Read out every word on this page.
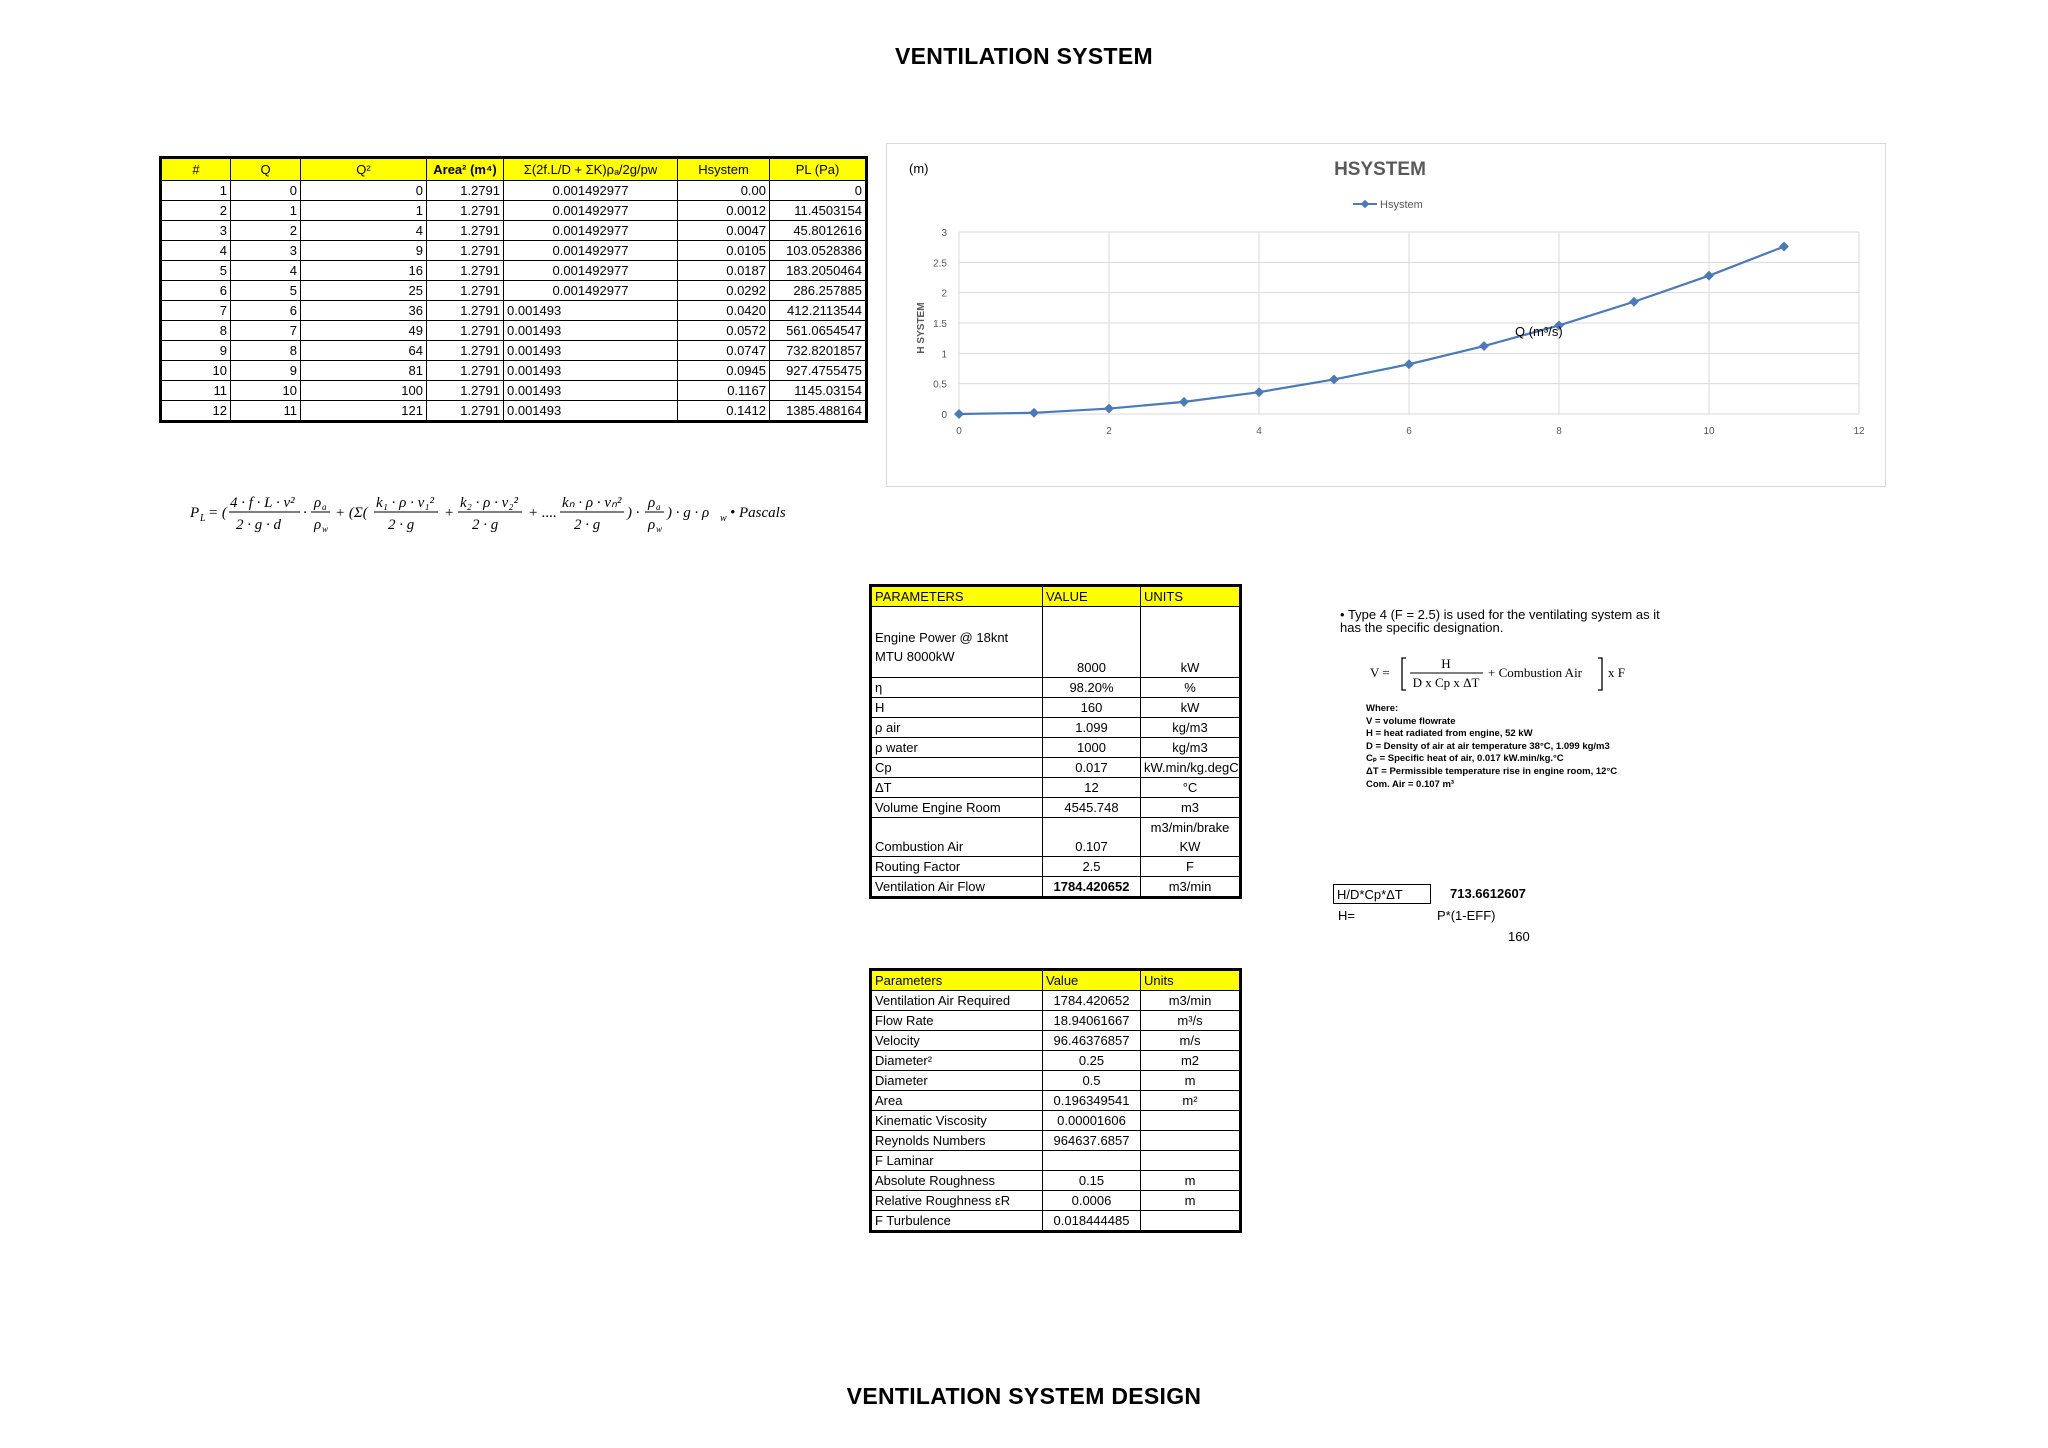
VENTILATION SYSTEM
#	Q	Q²	Area² (m⁴)	Σ(2f.L/D + ΣK)ρₐ/2g/pw	Hsystem	PL (Pa)
1	0	0	1.2791	0.001492977	0.00	0
2	1	1	1.2791	0.001492977	0.0012	11.4503154
3	2	4	1.2791	0.001492977	0.0047	45.8012616
4	3	9	1.2791	0.001492977	0.0105	103.0528386
5	4	16	1.2791	0.001492977	0.0187	183.2050464
6	5	25	1.2791	0.001492977	0.0292	286.257885
7	6	36	1.2791	0.001493	0.0420	412.2113544
8	7	49	1.2791	0.001493	0.0572	561.0654547
9	8	64	1.2791	0.001493	0.0747	732.8201857
10	9	81	1.2791	0.001493	0.0945	927.4755475
11	10	100	1.2791	0.001493	0.1167	1145.03154
12	11	121	1.2791	0.001493	0.1412	1385.488164
HSYSTEM
(m)
Hsystem
H SYSTEM
0
0.5
1
1.5
2
2.5
3
0	2	4	6	8	10	12
Q (m³/s)
P L = (
4 · f · L · v²
2 · g · d
·
ρ a
ρ w
+ (Σ(
k₁ · ρ · v₁²
2 · g
+
k₂ · ρ · v₂²
2 · g
+ ....
kₙ · ρ · vₙ²
2 · g
) ·
ρ a
ρ w
) · g · ρ w • Pascals
P_L = (4·f·L·v²/2·g·d · ρa/ρw + (Σ(k1·ρ·v1²/2·g + k2·ρ·v2²/2·g + .... kn·ρ·vn²/2·g)·ρa/ρw)·g·ρw • Pascals
PARAMETERS	VALUE	UNITS

Engine Power @ 18knt
MTU 8000kW	8000	kW
η	98.20%	%
H	160	kW
ρ air	1.099	kg/m3
ρ water	1000	kg/m3
Cp	0.017	kW.min/kg.degC
ΔT	12	°C
Volume Engine Room	4545.748	m3
Combustion Air	0.107	m3/min/brake
KW

Routing Factor	2.5	F
Ventilation Air Flow	1784.420652	m3/min
Parameters	Value	Units
Ventilation Air Required	1784.420652	m3/min
Flow Rate	18.94061667	m³/s
Velocity	96.46376857	m/s
Diameter²	0.25	m2
Diameter	0.5	m
Area	0.196349541	m²
Kinematic Viscosity	0.00001606	
Reynolds Numbers	964637.6857	
F Laminar		
Absolute Roughness	0.15	m
Relative Roughness εR	0.0006	m
F Turbulence	0.018444485	
• Type 4 (F = 2.5) is used for the ventilating system as it has the specific designation.
V =
H
D x Cp x ΔT
+ Combustion Air x F
Where:
V = volume flowrate
H = heat radiated from engine, 52 kW
D = Density of air at air temperature 38°C, 1.099 kg/m3
Cₚ = Specific heat of air, 0.017 kW.min/kg.°C
ΔT = Permissible temperature rise in engine room, 12°C
Com. Air = 0.107 m³
H/D*Cp*ΔT	713.6612607
H=	P*(1-EFF)
160
VENTILATION SYSTEM DESIGN
